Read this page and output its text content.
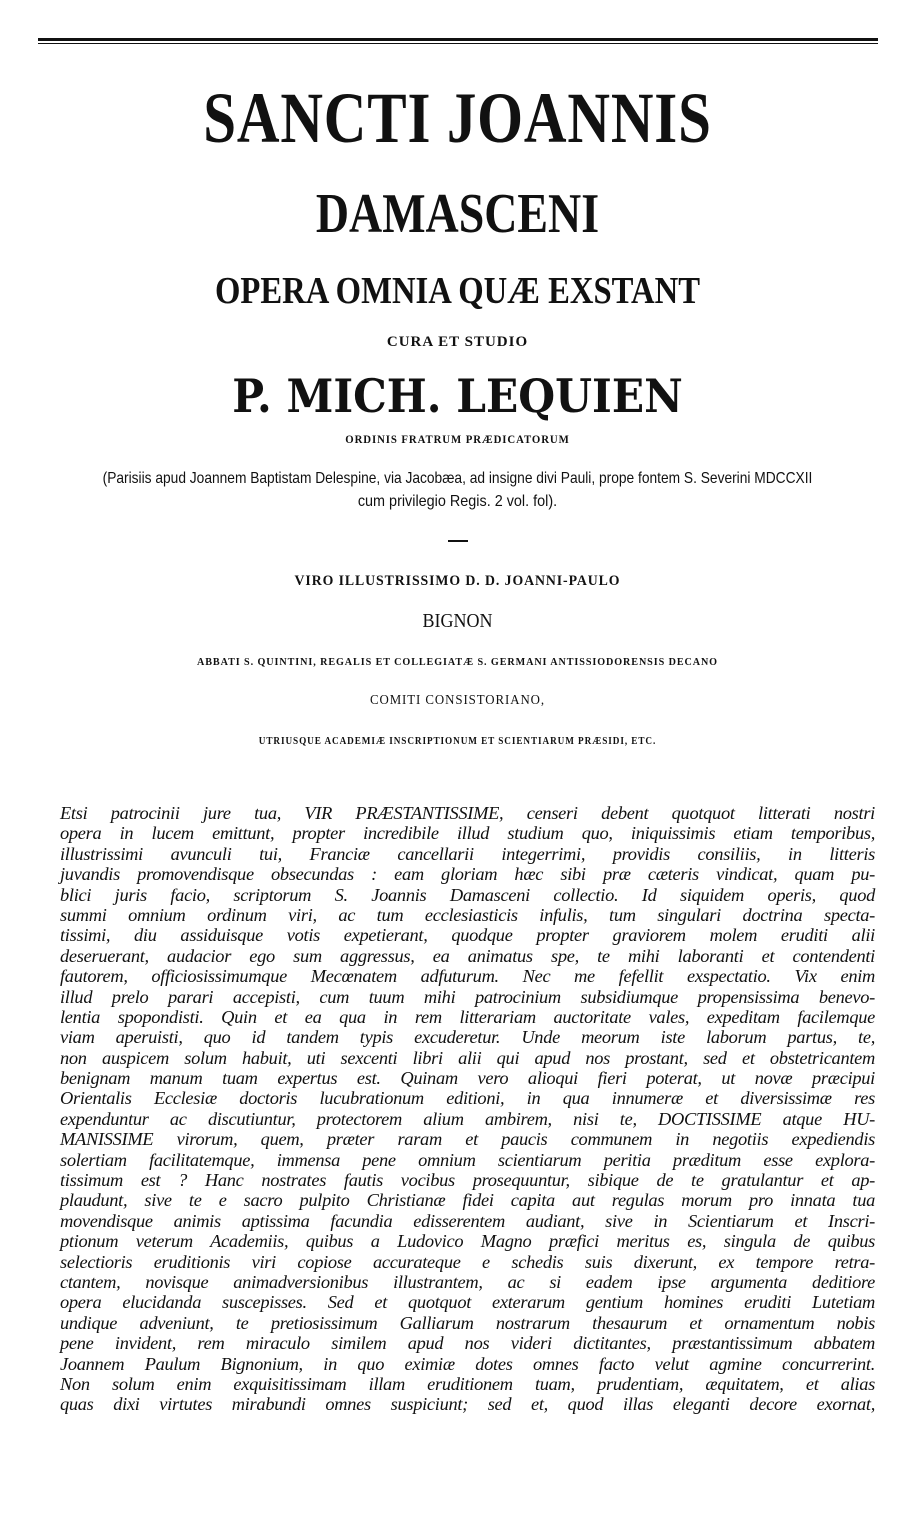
SANCTI JOANNIS
DAMASCENI
OPERA OMNIA QUÆ EXSTANT
CURA ET STUDIO
P. MICH. LEQUIEN
ORDINIS FRATRUM PRÆDICATORUM
(Parisiis apud Joannem Baptistam Delespine, via Jacobæa, ad insigne divi Pauli, prope fontem S. Severini MDCCXII
cum privilegio Regis. 2 vol. fol).
VIRO ILLUSTRISSIMO D. D. JOANNI-PAULO
BIGNON
ABBATI S. QUINTINI, REGALIS ET COLLEGIATÆ S. GERMANI ANTISSIODORENSIS DECANO
COMITI CONSISTORIANO,
UTRIUSQUE ACADEMIÆ INSCRIPTIONUM ET SCIENTIARUM PRÆSIDI, ETC.
Etsi patrocinii jure tua, VIR PRÆSTANTISSIME, censeri debent quotquot litterati nostri
opera in lucem emittunt, propter incredibile illud studium quo, iniquissimis etiam temporibus,
illustrissimi avunculi tui, Franciæ cancellarii integerrimi, providis consiliis, in litteris
juvandis promovendisque obsecundas : eam gloriam hæc sibi præ cæteris vindicat, quam pu-
blici juris facio, scriptorum S. Joannis Damasceni collectio. Id siquidem operis, quod
summi omnium ordinum viri, ac tum ecclesiasticis infulis, tum singulari doctrina specta-
tissimi, diu assiduisque votis expetierant, quodque propter graviorem molem eruditi alii
deseruerant, audacior ego sum aggressus, ea animatus spe, te mihi laboranti et contendenti
fautorem, officiosissimumque Mecœnatem adfuturum. Nec me fefellit exspectatio. Vix enim
illud prelo parari accepisti, cum tuum mihi patrocinium subsidiumque propensissima benevo-
lentia spopondisti. Quin et ea qua in rem litterariam auctoritate vales, expeditam facilemque
viam aperuisti, quo id tandem typis excuderetur. Unde meorum iste laborum partus, te,
non auspicem solum habuit, uti sexcenti libri alii qui apud nos prostant, sed et obstetricantem
benignam manum tuam expertus est. Quinam vero alioqui fieri poterat, ut novæ præcipui
Orientalis Ecclesiæ doctoris lucubrationum editioni, in qua innumeræ et diversissimæ res
expenduntur ac discutiuntur, protectorem alium ambirem, nisi te, DOCTISSIME atque HU-
MANISSIME virorum, quem, præter raram et paucis communem in negotiis expediendis
solertiam facilitatemque, immensa pene omnium scientiarum peritia præditum esse explora-
tissimum est ? Hanc nostrates fautis vocibus prosequuntur, sibique de te gratulantur et ap-
plaudunt, sive te e sacro pulpito Christianæ fidei capita aut regulas morum pro innata tua
movendisque animis aptissima facundia edisserentem audiant, sive in Scientiarum et Inscri-
ptionum veterum Academiis, quibus a Ludovico Magno præfici meritus es, singula de quibus
selectioris eruditionis viri copiose accurateque e schedis suis dixerunt, ex tempore retra-
ctantem, novisque animadversionibus illustrantem, ac si eadem ipse argumenta deditiore
opera elucidanda suscepisses. Sed et quotquot exterarum gentium homines eruditi Lutetiam
undique adveniunt, te pretiosissimum Galliarum nostrarum thesaurum et ornamentum nobis
pene invident, rem miraculo similem apud nos videri dictitantes, præstantissimum abbatem
Joannem Paulum Bignonium, in quo eximiæ dotes omnes facto velut agmine concurrerint.
Non solum enim exquisitissimam illam eruditionem tuam, prudentiam, æquitatem, et alias
quas dixi virtutes mirabundi omnes suspiciunt; sed et, quod illas eleganti decore exornat,
